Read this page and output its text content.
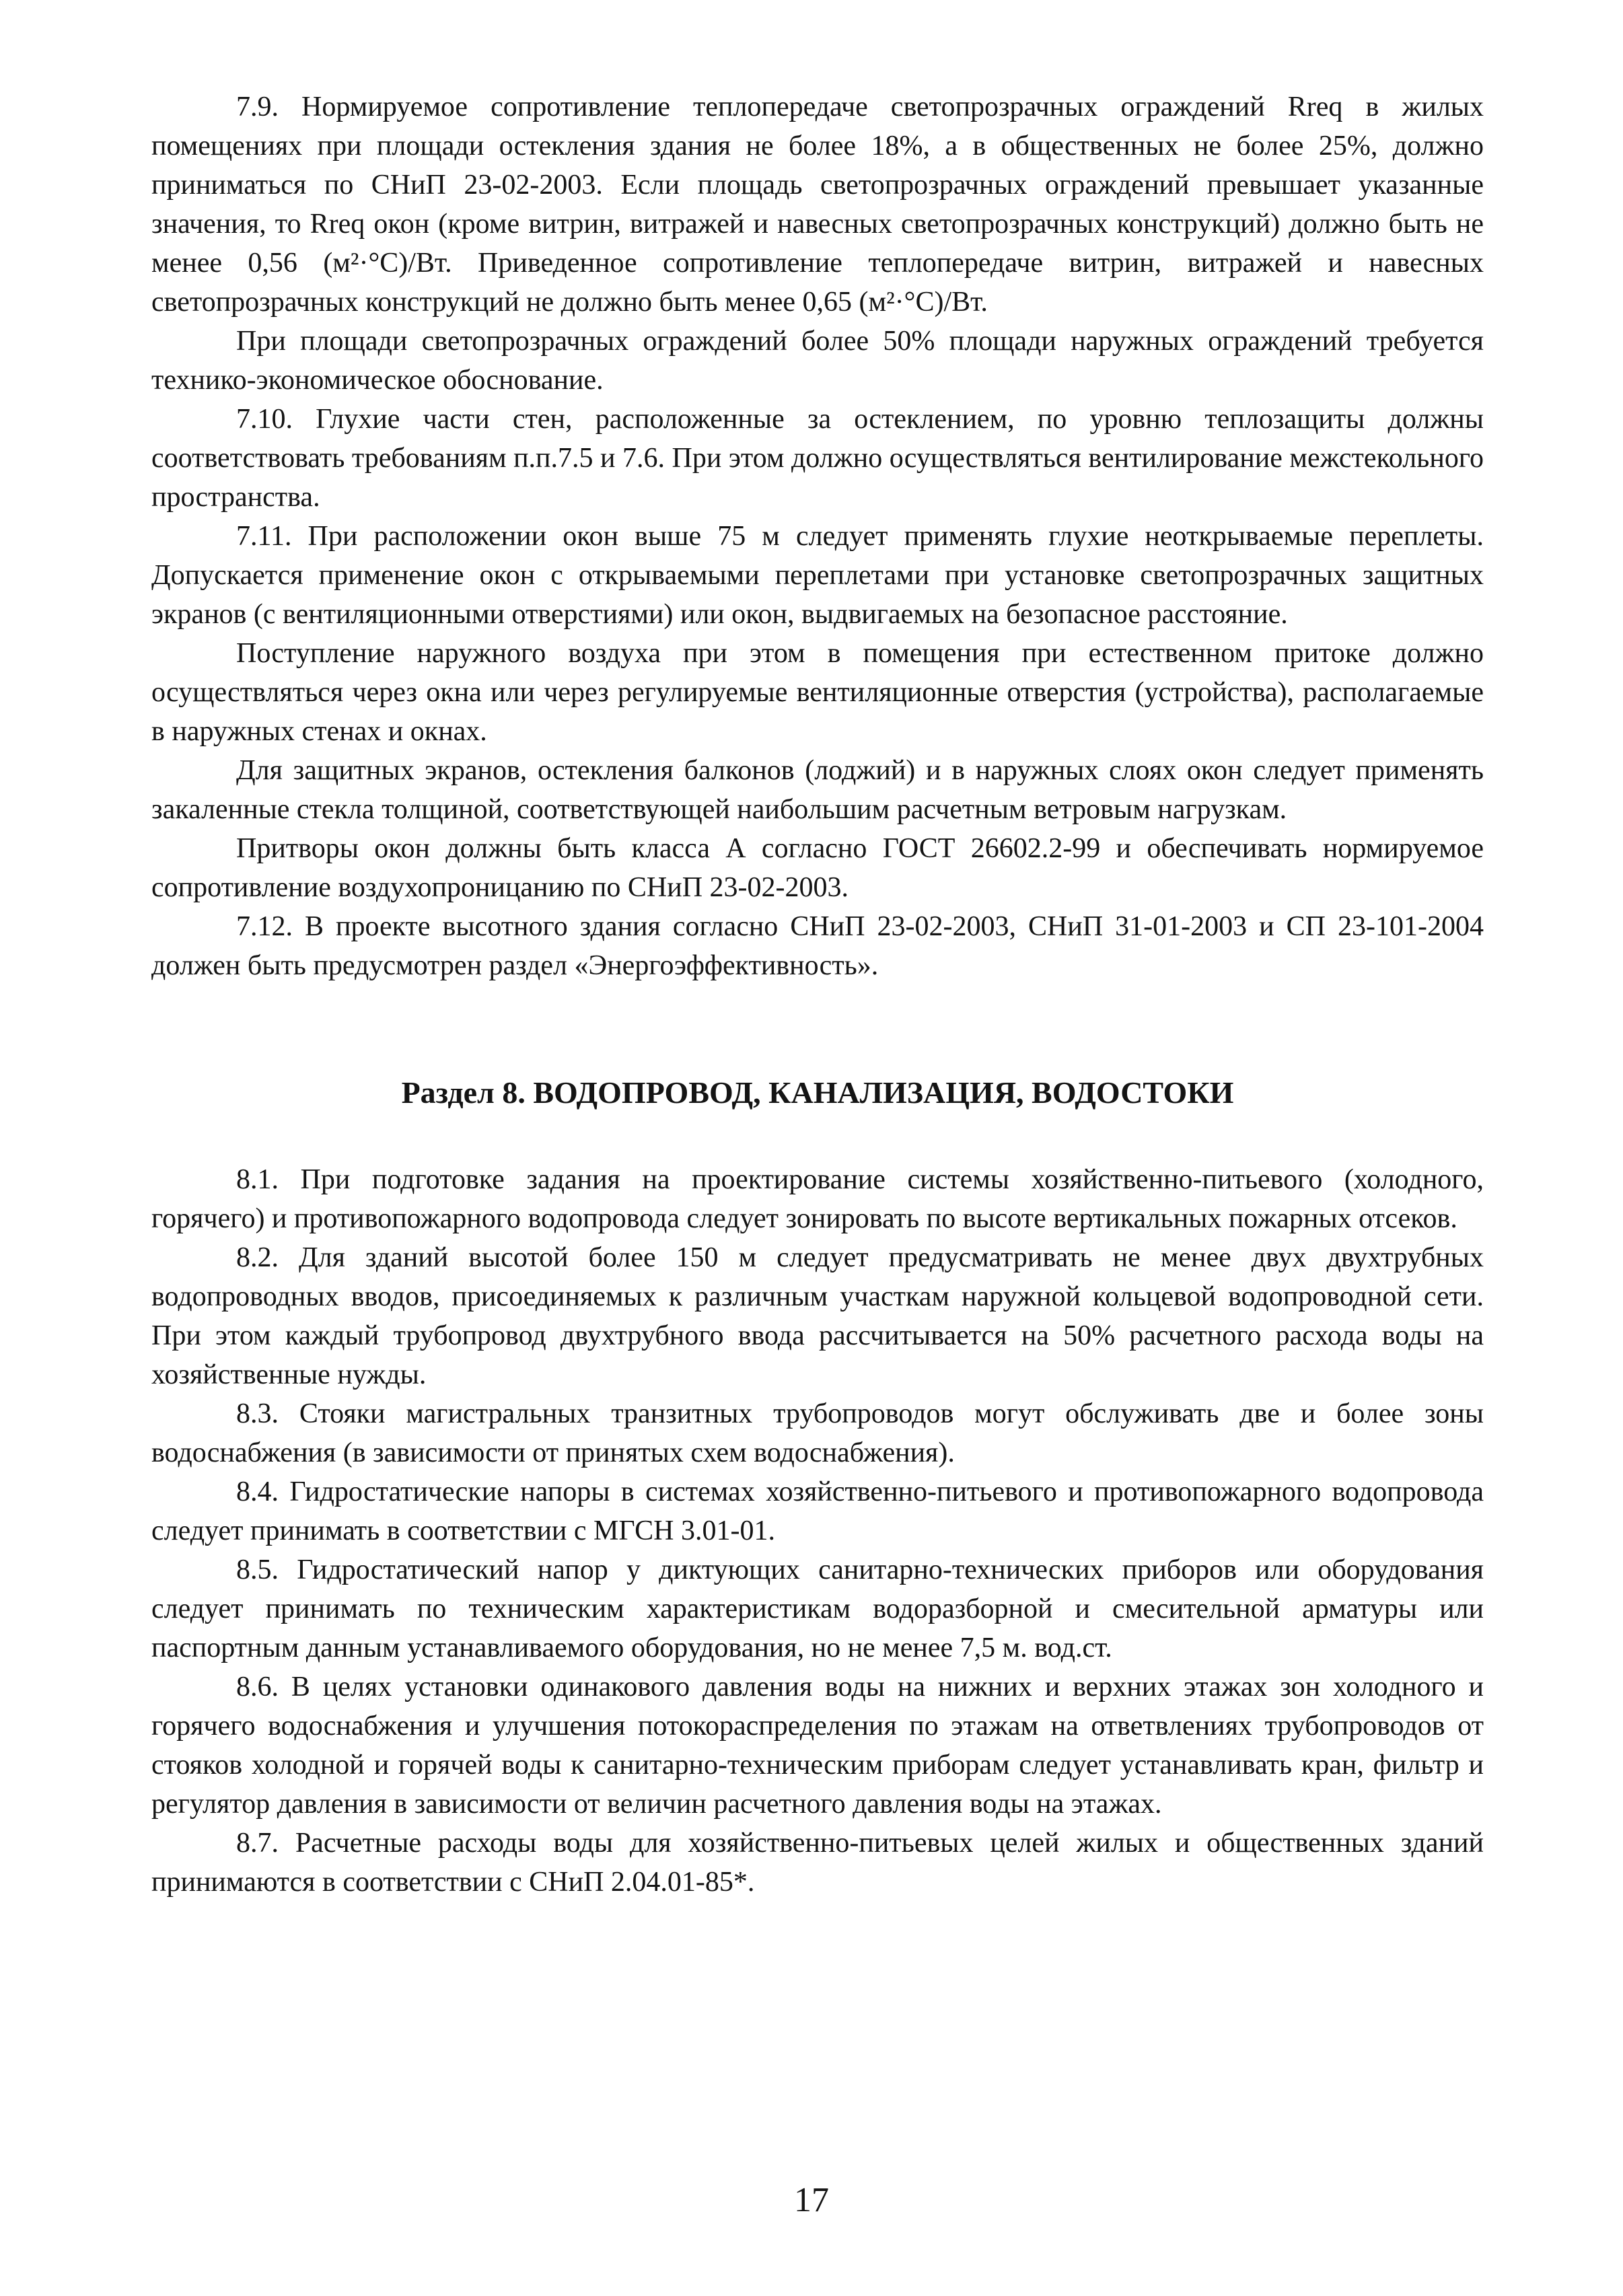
7.9. Нормируемое сопротивление теплопередаче светопрозрачных ограждений Rreq в жилых помещениях при площади остекления здания не более 18%, а в общественных не более 25%, должно приниматься по СНиП 23-02-2003. Если площадь светопрозрачных ограждений превышает указанные значения, то Rreq окон (кроме витрин, витражей и навесных светопрозрачных конструкций) должно быть не менее 0,56 (м²·°С)/Вт. Приведенное сопротивление теплопередаче витрин, витражей и навесных светопрозрачных конструкций не должно быть менее 0,65 (м²·°С)/Вт.

При площади светопрозрачных ограждений более 50% площади наружных ограждений требуется технико-экономическое обоснование.

7.10. Глухие части стен, расположенные за остеклением, по уровню теплозащиты должны соответствовать требованиям п.п.7.5 и 7.6. При этом должно осуществляться вентилирование межстекольного пространства.

7.11. При расположении окон выше 75 м следует применять глухие неоткрываемые переплеты. Допускается применение окон с открываемыми переплетами при установке светопрозрачных защитных экранов (с вентиляционными отверстиями) или окон, выдвигаемых на безопасное расстояние.

Поступление наружного воздуха при этом в помещения при естественном притоке должно осуществляться через окна или через регулируемые вентиляционные отверстия (устройства), располагаемые в наружных стенах и окнах.

Для защитных экранов, остекления балконов (лоджий) и в наружных слоях окон следует применять закаленные стекла толщиной, соответствующей наибольшим расчетным ветровым нагрузкам.

Притворы окон должны быть класса А согласно ГОСТ 26602.2-99 и обеспечивать нормируемое сопротивление воздухопроницанию по СНиП 23-02-2003.

7.12. В проекте высотного здания согласно СНиП 23-02-2003, СНиП 31-01-2003 и СП 23-101-2004 должен быть предусмотрен раздел «Энергоэффективность».

Раздел 8. ВОДОПРОВОД, КАНАЛИЗАЦИЯ, ВОДОСТОКИ

8.1. При подготовке задания на проектирование системы хозяйственно-питьевого (холодного, горячего) и противопожарного водопровода следует зонировать по высоте вертикальных пожарных отсеков.

8.2. Для зданий высотой более 150 м следует предусматривать не менее двух двухтрубных водопроводных вводов, присоединяемых к различным участкам наружной кольцевой водопроводной сети. При этом каждый трубопровод двухтрубного ввода рассчитывается на 50% расчетного расхода воды на хозяйственные нужды.

8.3. Стояки магистральных транзитных трубопроводов могут обслуживать две и более зоны водоснабжения (в зависимости от принятых схем водоснабжения).

8.4. Гидростатические напоры в системах хозяйственно-питьевого и противопожарного водопровода следует принимать в соответствии с МГСН 3.01-01.

8.5. Гидростатический напор у диктующих санитарно-технических приборов или оборудования следует принимать по техническим характеристикам водоразборной и смесительной арматуры или паспортным данным устанавливаемого оборудования, но не менее 7,5 м. вод.ст.

8.6. В целях установки одинакового давления воды на нижних и верхних этажах зон холодного и горячего водоснабжения и улучшения потокораспределения по этажам на ответвлениях трубопроводов от стояков холодной и горячей воды к санитарно-техническим приборам следует устанавливать кран, фильтр и регулятор давления в зависимости от величин расчетного давления воды на этажах.

8.7. Расчетные расходы воды для хозяйственно-питьевых целей жилых и общественных зданий принимаются в соответствии с СНиП 2.04.01-85*.

17
